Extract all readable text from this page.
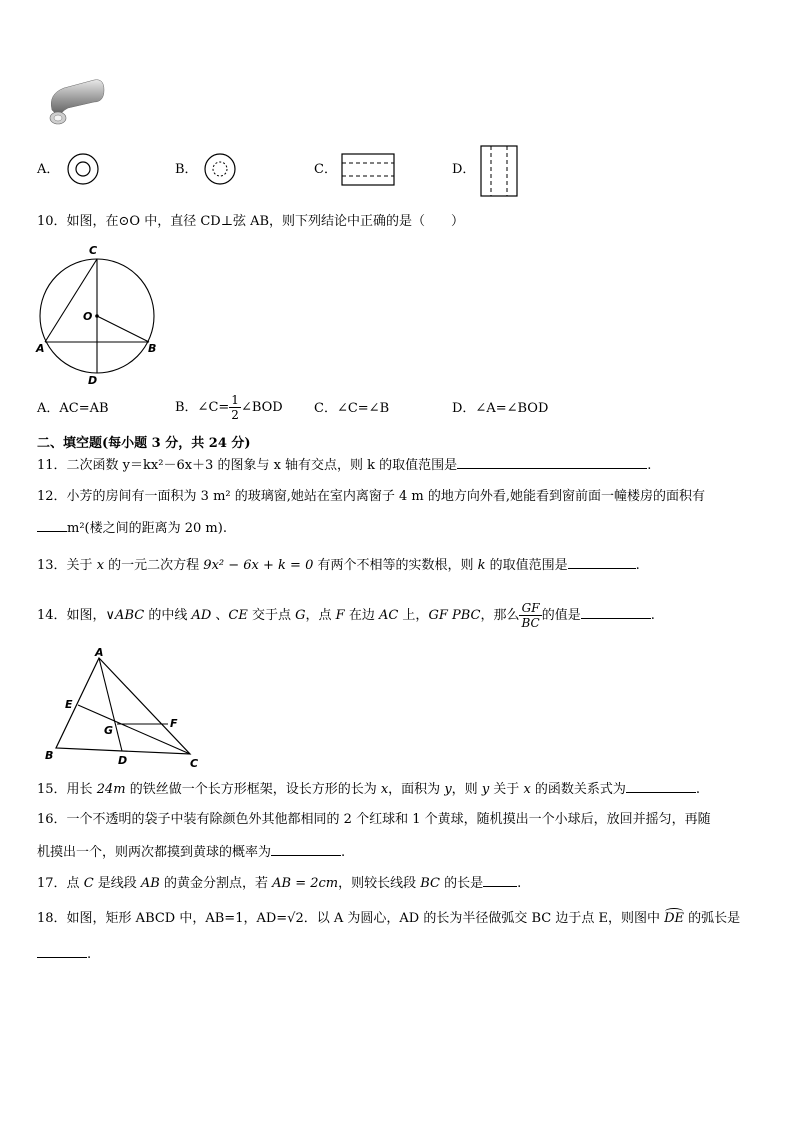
A．	B．	C．	D．
10．如图，在⊙O 中，直径 CD⊥弦 AB，则下列结论中正确的是（　　）
C
O
A	B
D
A．AC=AB	B．∠C= $\frac{1}{2}$ ∠BOD C．∠C=∠B	D．∠A=∠BOD
二、填空题(每小题 3 分，共 24 分)
11．二次函数 y＝kx²－6x＋3 的图象与 x 轴有交点，则 k 的取值范围是	.
12．小芳的房间有一面积为 3 m² 的玻璃窗,她站在室内离窗子 4 m 的地方向外看,她能看到窗前面一幢楼房的面积有
m²(楼之间的距离为 20 m).
13．关于 x 的一元二次方程 9x² − 6x + k = 0 有两个不相等的实数根，则 k 的取值范围是	.
14．如图，∨ABC 的中线 AD 、CE 交于点 G，点 F 在边 AC 上，GF PBC，那么 $\frac{GF}{BC}$ 的值是	.
A
E
F
G
B	D	C
15．用长 24m 的铁丝做一个长方形框架，设长方形的长为 x，面积为 y，则 y 关于 x 的函数关系式为	.
16．一个不透明的袋子中装有除颜色外其他都相同的 2 个红球和 1 个黄球，随机摸出一个小球后，放回并摇匀，再随
机摸出一个，则两次都摸到黄球的概率为	.
17．点 C 是线段 AB 的黄金分割点，若 AB = 2cm，则较长线段 BC 的长是	.
18．如图，矩形 ABCD 中，AB=1，AD=√2．以 A 为圆心，AD 的长为半径做弧交 BC 边于点 E，则图中 DE
的弧长是
.
